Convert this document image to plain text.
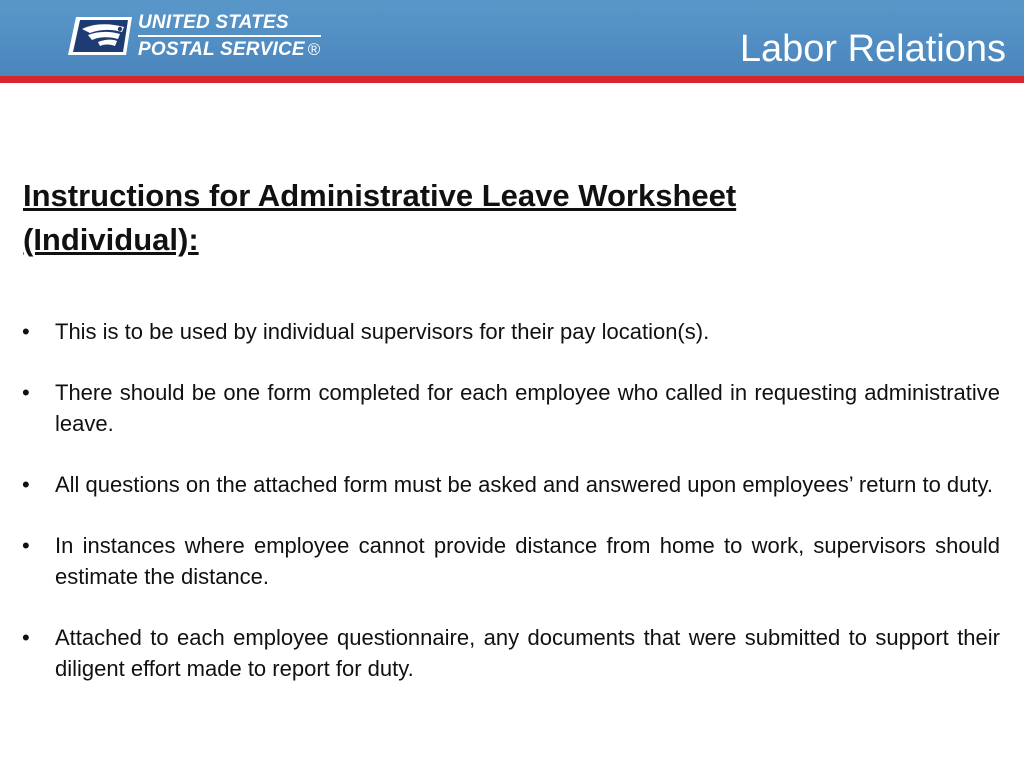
UNITED STATES
POSTAL SERVICE ®	Labor Relations
Instructions for Administrative Leave Worksheet (Individual):
• This is to be used by individual supervisors for their pay location(s).
• There should be one form completed for each employee who called in requesting administrative leave.
• All questions on the attached form must be asked and answered upon employees’ return to duty.
• In instances where employee cannot provide distance from home to work, supervisors should estimate the distance.
• Attached to each employee questionnaire, any documents that were submitted to support their diligent effort made to report for duty.
